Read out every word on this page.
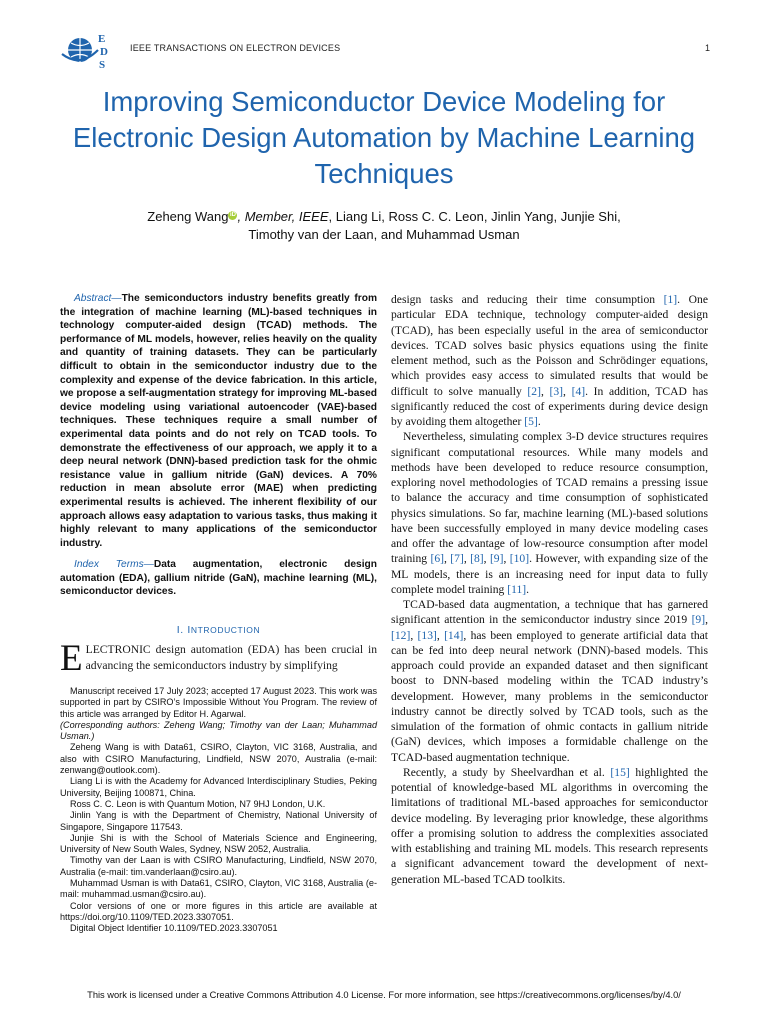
E
D
S
IEEE TRANSACTIONS ON ELECTRON DEVICES	1
Improving Semiconductor Device Modeling for Electronic Design Automation by Machine Learning Techniques
Zeheng Wang iD , Member, IEEE, Liang Li, Ross C. C. Leon, Jinlin Yang, Junjie Shi,
Timothy van der Laan, and Muhammad Usman

Abstract—The semiconductors industry benefits greatly from the integration of machine learning (ML)-based techniques in technology computer-aided design (TCAD) methods. The performance of ML models, however, relies heavily on the quality and quantity of training datasets. They can be particularly difficult to obtain in the semiconductor industry due to the complexity and expense of the device fabrication. In this article, we propose a self-augmentation strategy for improving ML-based device modeling using variational autoencoder (VAE)-based techniques. These techniques require a small number of experimental data points and do not rely on TCAD tools. To demonstrate the effectiveness of our approach, we apply it to a deep neural network (DNN)-based prediction task for the ohmic resistance value in gallium nitride (GaN) devices. A 70% reduction in mean absolute error (MAE) when predicting experimental results is achieved. The inherent flexibility of our approach allows easy adaptation to various tasks, thus making it highly relevant to many applications of the semiconductor industry.

Index Terms—Data augmentation, electronic design automation (EDA), gallium nitride (GaN), machine learning (ML), semiconductor devices.

I. INTRODUCTION

ELECTRONIC design automation (EDA) has been crucial in advancing the semiconductors industry by simplifying

Manuscript received 17 July 2023; accepted 17 August 2023. This work was supported in part by CSIRO’s Impossible Without You Program. The review of this article was arranged by Editor H. Agarwal.

(Corresponding authors: Zeheng Wang; Timothy van der Laan; Muhammad Usman.)

Zeheng Wang is with Data61, CSIRO, Clayton, VIC 3168, Australia, and also with CSIRO Manufacturing, Lindfield, NSW 2070, Australia (e-mail: zenwang@outlook.com).

Liang Li is with the Academy for Advanced Interdisciplinary Studies, Peking University, Beijing 100871, China.

Ross C. C. Leon is with Quantum Motion, N7 9HJ London, U.K.

Jinlin Yang is with the Department of Chemistry, National University of Singapore, Singapore 117543.

Junjie Shi is with the School of Materials Science and Engineering, University of New South Wales, Sydney, NSW 2052, Australia.

Timothy van der Laan is with CSIRO Manufacturing, Lindfield, NSW 2070, Australia (e-mail: tim.vanderlaan@csiro.au).

Muhammad Usman is with Data61, CSIRO, Clayton, VIC 3168, Australia (e-mail: muhammad.usman@csiro.au).

Color versions of one or more figures in this article are available at https://doi.org/10.1109/TED.2023.3307051.

Digital Object Identifier 10.1109/TED.2023.3307051

design tasks and reducing their time consumption [1]. One particular EDA technique, technology computer-aided design (TCAD), has been especially useful in the area of semiconductor devices. TCAD solves basic physics equations using the finite element method, such as the Poisson and Schrödinger equations, which provides easy access to simulated results that would be difficult to solve manually [2], [3], [4]. In addition, TCAD has significantly reduced the cost of experiments during device design by avoiding them altogether [5].

Nevertheless, simulating complex 3-D device structures requires significant computational resources. While many models and methods have been developed to reduce resource consumption, exploring novel methodologies of TCAD remains a pressing issue to balance the accuracy and time consumption of sophisticated physics simulations. So far, machine learning (ML)-based solutions have been successfully employed in many device modeling cases and offer the advantage of low-resource consumption after model training [6], [7], [8], [9], [10]. However, with expanding size of the ML models, there is an increasing need for input data to fully complete model training [11].

TCAD-based data augmentation, a technique that has garnered significant attention in the semiconductor industry since 2019 [9], [12], [13], [14], has been employed to generate artificial data that can be fed into deep neural network (DNN)-based models. This approach could provide an expanded dataset and then significant boost to DNN-based modeling within the TCAD industry’s development. However, many problems in the semiconductor industry cannot be directly solved by TCAD tools, such as the simulation of the formation of ohmic contacts in gallium nitride (GaN) devices, which imposes a formidable challenge on the TCAD-based augmentation technique.

Recently, a study by Sheelvardhan et al. [15] highlighted the potential of knowledge-based ML algorithms in overcoming the limitations of traditional ML-based approaches for semiconductor device modeling. By leveraging prior knowledge, these algorithms offer a promising solution to address the complexities associated with establishing and training ML models. This research represents a significant advancement toward the development of next-generation ML-based TCAD toolkits.

This work is licensed under a Creative Commons Attribution 4.0 License. For more information, see https://creativecommons.org/licenses/by/4.0/
